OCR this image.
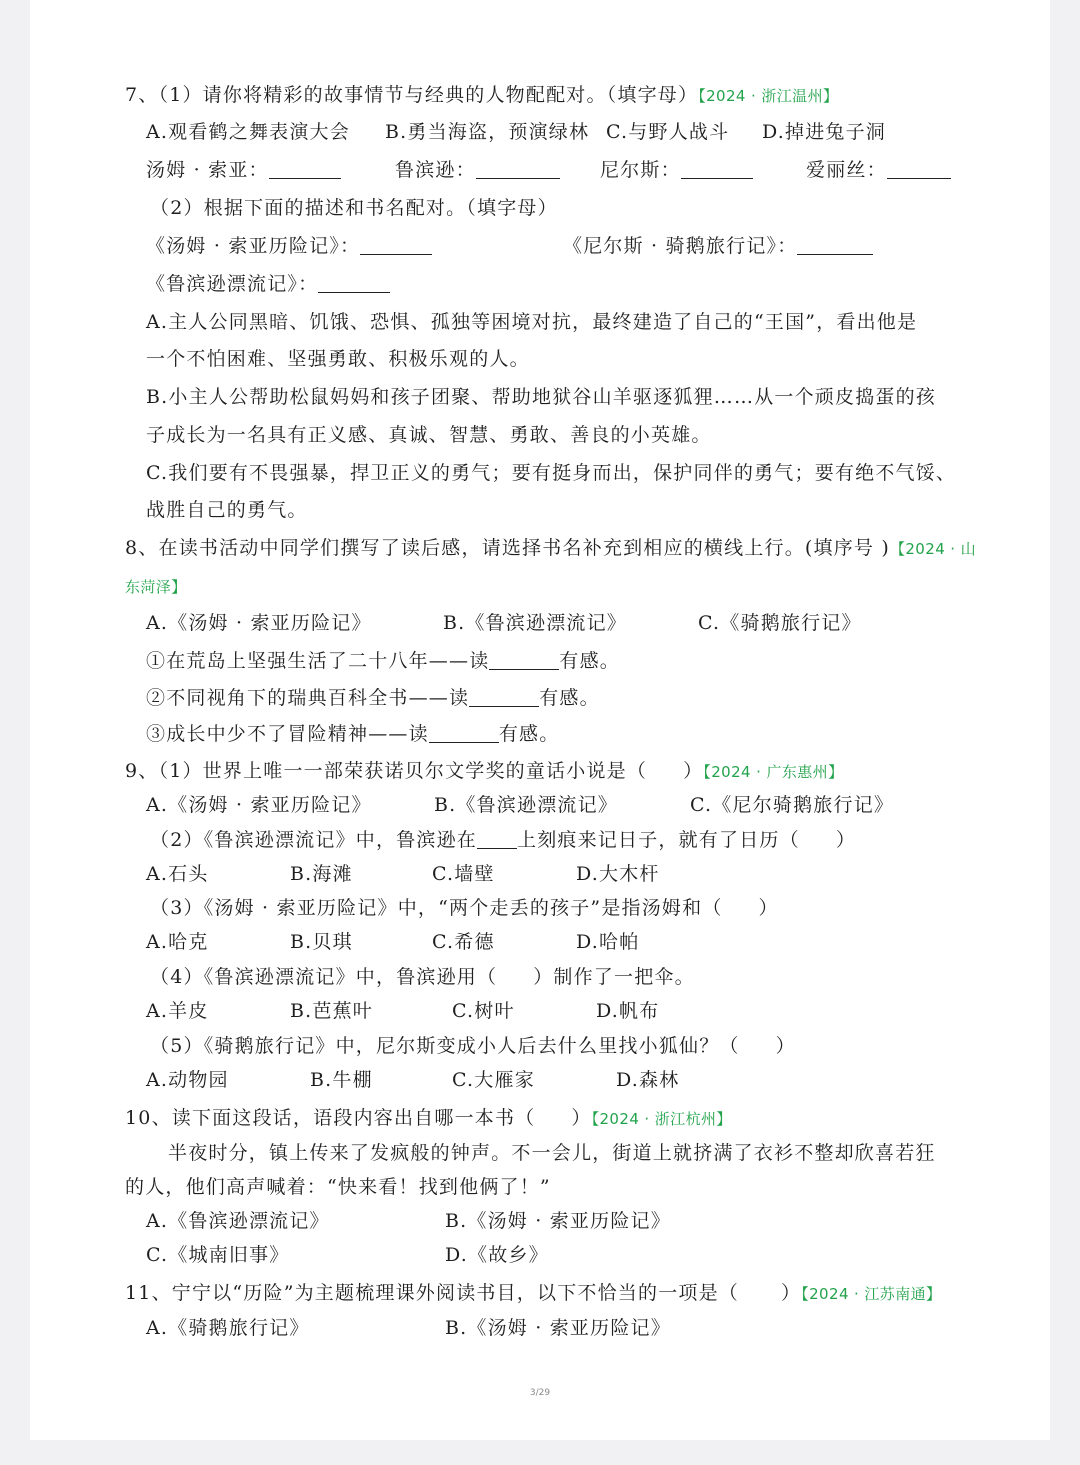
7、（1）请你将精彩的故事情节与经典的人物配配对。（填字母）【2024 · 浙江温州】
A.观看鹤之舞表演大会 B.勇当海盗，预演绿林 C.与野人战斗 D.掉进兔子洞
汤姆 · 索亚：	鲁滨逊：	尼尔斯：	爱丽丝：
（2）根据下面的描述和书名配对。（填字母）
《汤姆 · 索亚历险记》：	《尼尔斯 · 骑鹅旅行记》：
《鲁滨逊漂流记》：
A.主人公同黑暗、饥饿、恐惧、孤独等困境对抗，最终建造了自己的“王国”，看出他是
一个不怕困难、坚强勇敢、积极乐观的人。
B.小主人公帮助松鼠妈妈和孩子团聚、帮助地狱谷山羊驱逐狐狸……从一个顽皮捣蛋的孩
子成长为一名具有正义感、真诚、智慧、勇敢、善良的小英雄。
C.我们要有不畏强暴，捍卫正义的勇气；要有挺身而出，保护同伴的勇气；要有绝不气馁、
战胜自己的勇气。
8、在读书活动中同学们撰写了读后感，请选择书名补充到相应的横线上行。(填序号 )【2024 · 山
东菏泽】
A.《汤姆 · 索亚历险记》	B.《鲁滨逊漂流记》	C.《骑鹅旅行记》
①在荒岛上坚强生活了二十八年——读	有感。
②不同视角下的瑞典百科全书——读	有感。
③成长中少不了冒险精神——读	有感。
9、（1）世界上唯一一部荣获诺贝尔文学奖的童话小说是（ ）【2024 · 广东惠州】
A.《汤姆 · 索亚历险记》	B.《鲁滨逊漂流记》	C.《尼尔骑鹅旅行记》
（2）《鲁滨逊漂流记》中，鲁滨逊在 上刻痕来记日子，就有了日历（ ）
A.石头	B.海滩	C.墙壁	D.大木杆
（3）《汤姆 · 索亚历险记》中，“两个走丢的孩子”是指汤姆和（ ）
A.哈克	B.贝琪	C.希德	D.哈帕
（4）《鲁滨逊漂流记》中，鲁滨逊用（ ）制作了一把伞。
A.羊皮	B.芭蕉叶	C.树叶	D.帆布
（5）《骑鹅旅行记》中，尼尔斯变成小人后去什么里找小狐仙？（ ）
A.动物园	B.牛棚	C.大雁家	D.森林
10、读下面这段话，语段内容出自哪一本书（ ）【2024 · 浙江杭州】
半夜时分，镇上传来了发疯般的钟声。不一会儿，街道上就挤满了衣衫不整却欣喜若狂
的人，他们高声喊着：“快来看！找到他俩了！”
A.《鲁滨逊漂流记》	B.《汤姆 · 索亚历险记》
C.《城南旧事》	D.《故乡》
11、宁宁以“历险”为主题梳理课外阅读书目，以下不恰当的一项是（ ）【2024 · 江苏南通】
A.《骑鹅旅行记》	B.《汤姆 · 索亚历险记》
3/29
